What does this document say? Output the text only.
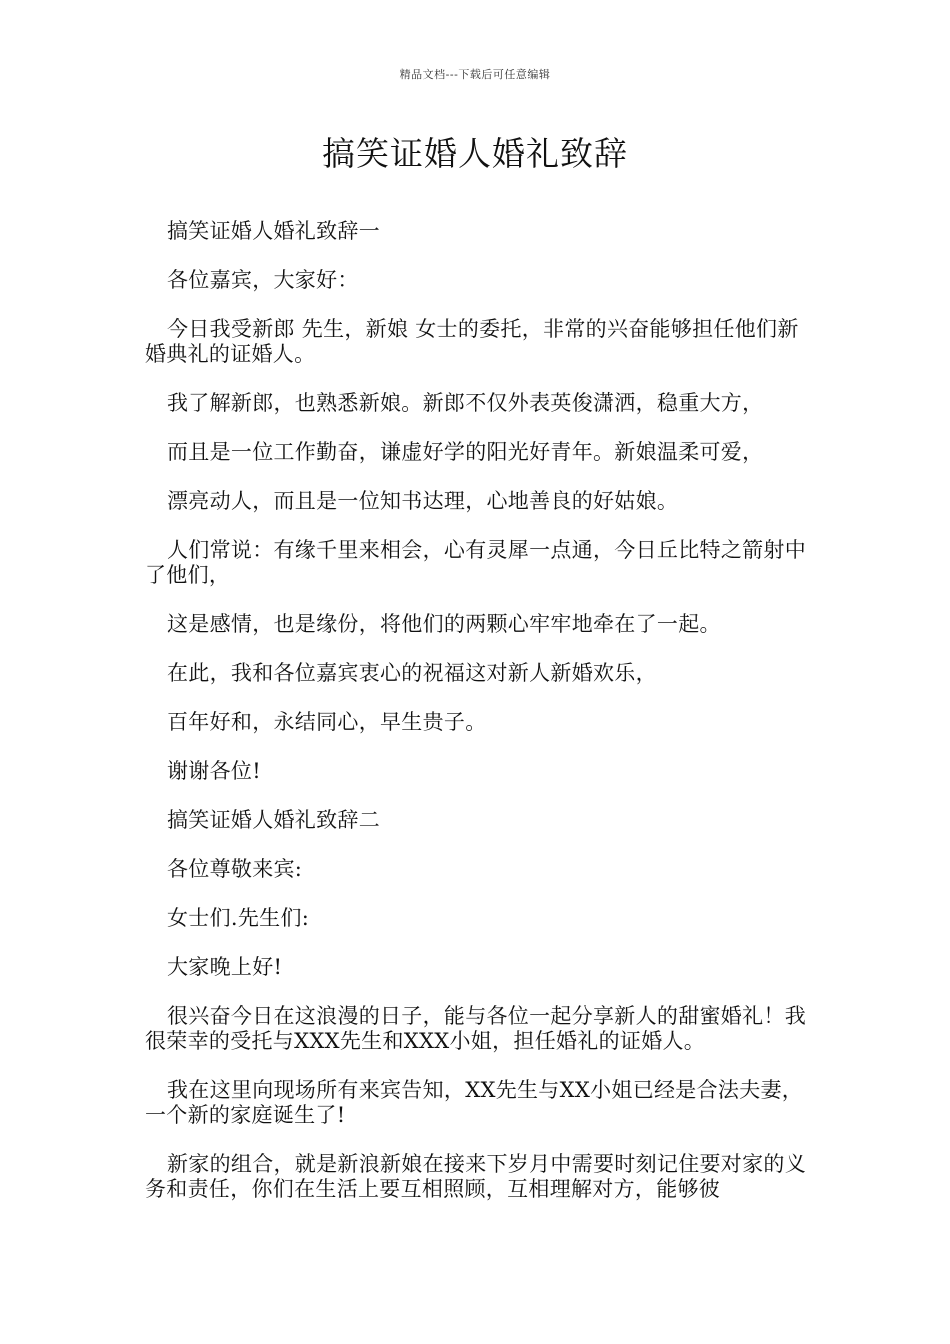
精品文档---下载后可任意编辑
搞笑证婚人婚礼致辞

搞笑证婚人婚礼致辞一

各位嘉宾，大家好：

今日我受新郎 先生，新娘 女士的委托，非常的兴奋能够担任他们新婚典礼的证婚人。

我了解新郎，也熟悉新娘。新郎不仅外表英俊潇洒，稳重大方，

而且是一位工作勤奋，谦虚好学的阳光好青年。新娘温柔可爱，

漂亮动人，而且是一位知书达理，心地善良的好姑娘。

人们常说：有缘千里来相会，心有灵犀一点通，今日丘比特之箭射中了他们，

这是感情，也是缘份，将他们的两颗心牢牢地牵在了一起。

在此，我和各位嘉宾衷心的祝福这对新人新婚欢乐，

百年好和，永结同心，早生贵子。

谢谢各位!

搞笑证婚人婚礼致辞二

各位尊敬来宾:

女士们.先生们:

大家晚上好!

很兴奋今日在这浪漫的日子，能与各位一起分享新人的甜蜜婚礼！我很荣幸的受托与XXX先生和XXX小姐，担任婚礼的证婚人。

我在这里向现场所有来宾告知，XX先生与XX小姐已经是合法夫妻，一个新的家庭诞生了!

新家的组合，就是新浪新娘在接来下岁月中需要时刻记住要对家的义务和责任，你们在生活上要互相照顾，互相理解对方，能够彼
